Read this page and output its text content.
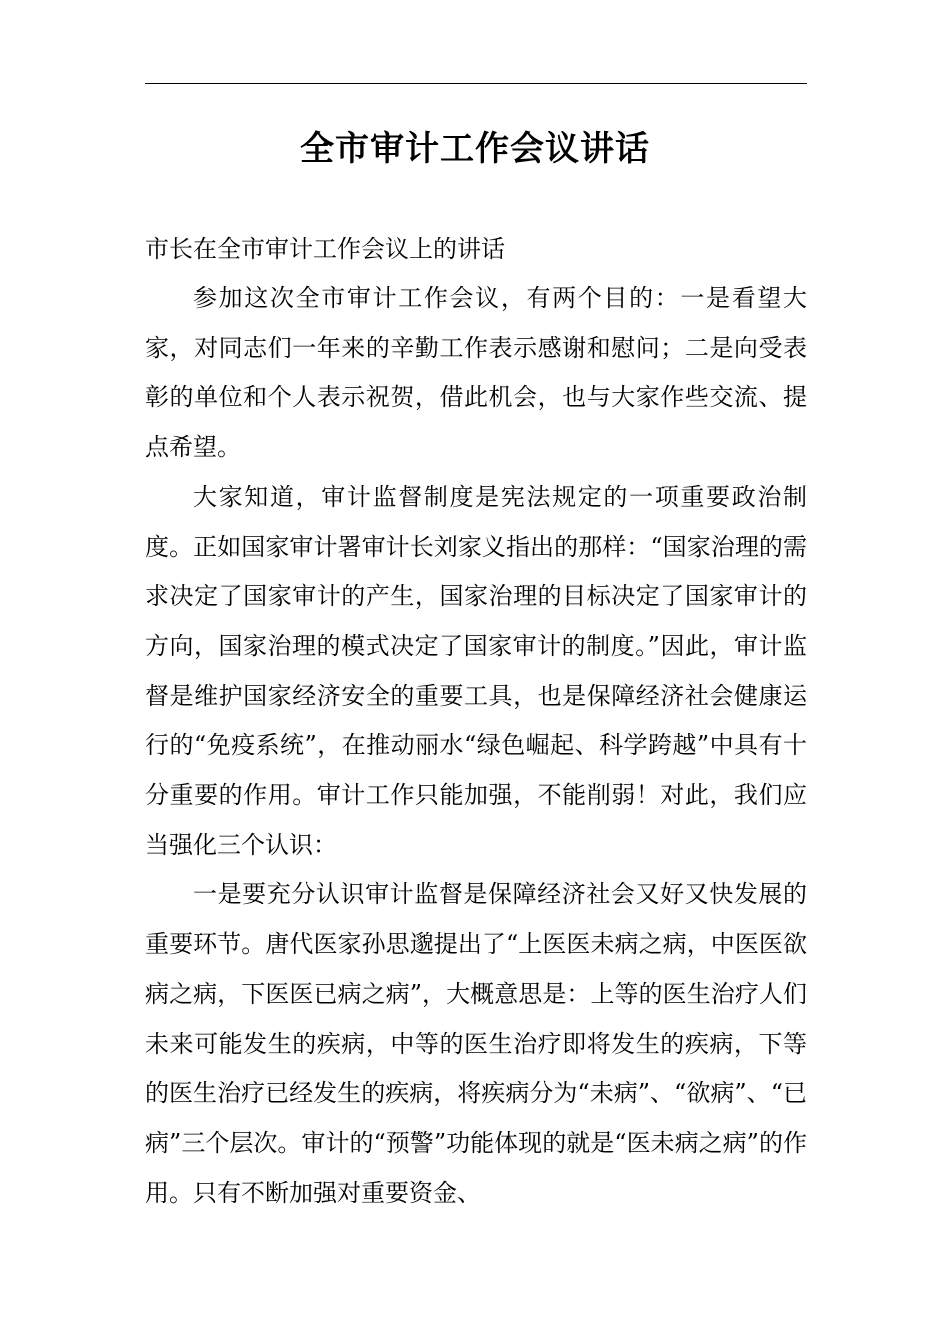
全市审计工作会议讲话

市长在全市审计工作会议上的讲话

参加这次全市审计工作会议，有两个目的：一是看望大家，对同志们一年来的辛勤工作表示感谢和慰问；二是向受表彰的单位和个人表示祝贺，借此机会，也与大家作些交流、提点希望。

大家知道，审计监督制度是宪法规定的一项重要政治制度。正如国家审计署审计长刘家义指出的那样：“国家治理的需求决定了国家审计的产生，国家治理的目标决定了国家审计的方向，国家治理的模式决定了国家审计的制度。”因此，审计监督是维护国家经济安全的重要工具，也是保障经济社会健康运行的“免疫系统”，在推动丽水“绿色崛起、科学跨越”中具有十分重要的作用。审计工作只能加强，不能削弱！对此，我们应当强化三个认识：

一是要充分认识审计监督是保障经济社会又好又快发展的重要环节。唐代医家孙思邈提出了“上医医未病之病，中医医欲病之病，下医医已病之病”，大概意思是：上等的医生治疗人们未来可能发生的疾病，中等的医生治疗即将发生的疾病，下等的医生治疗已经发生的疾病，将疾病分为“未病”、“欲病”、“已病”三个层次。审计的“预警”功能体现的就是“医未病之病”的作用。只有不断加强对重要资金、
